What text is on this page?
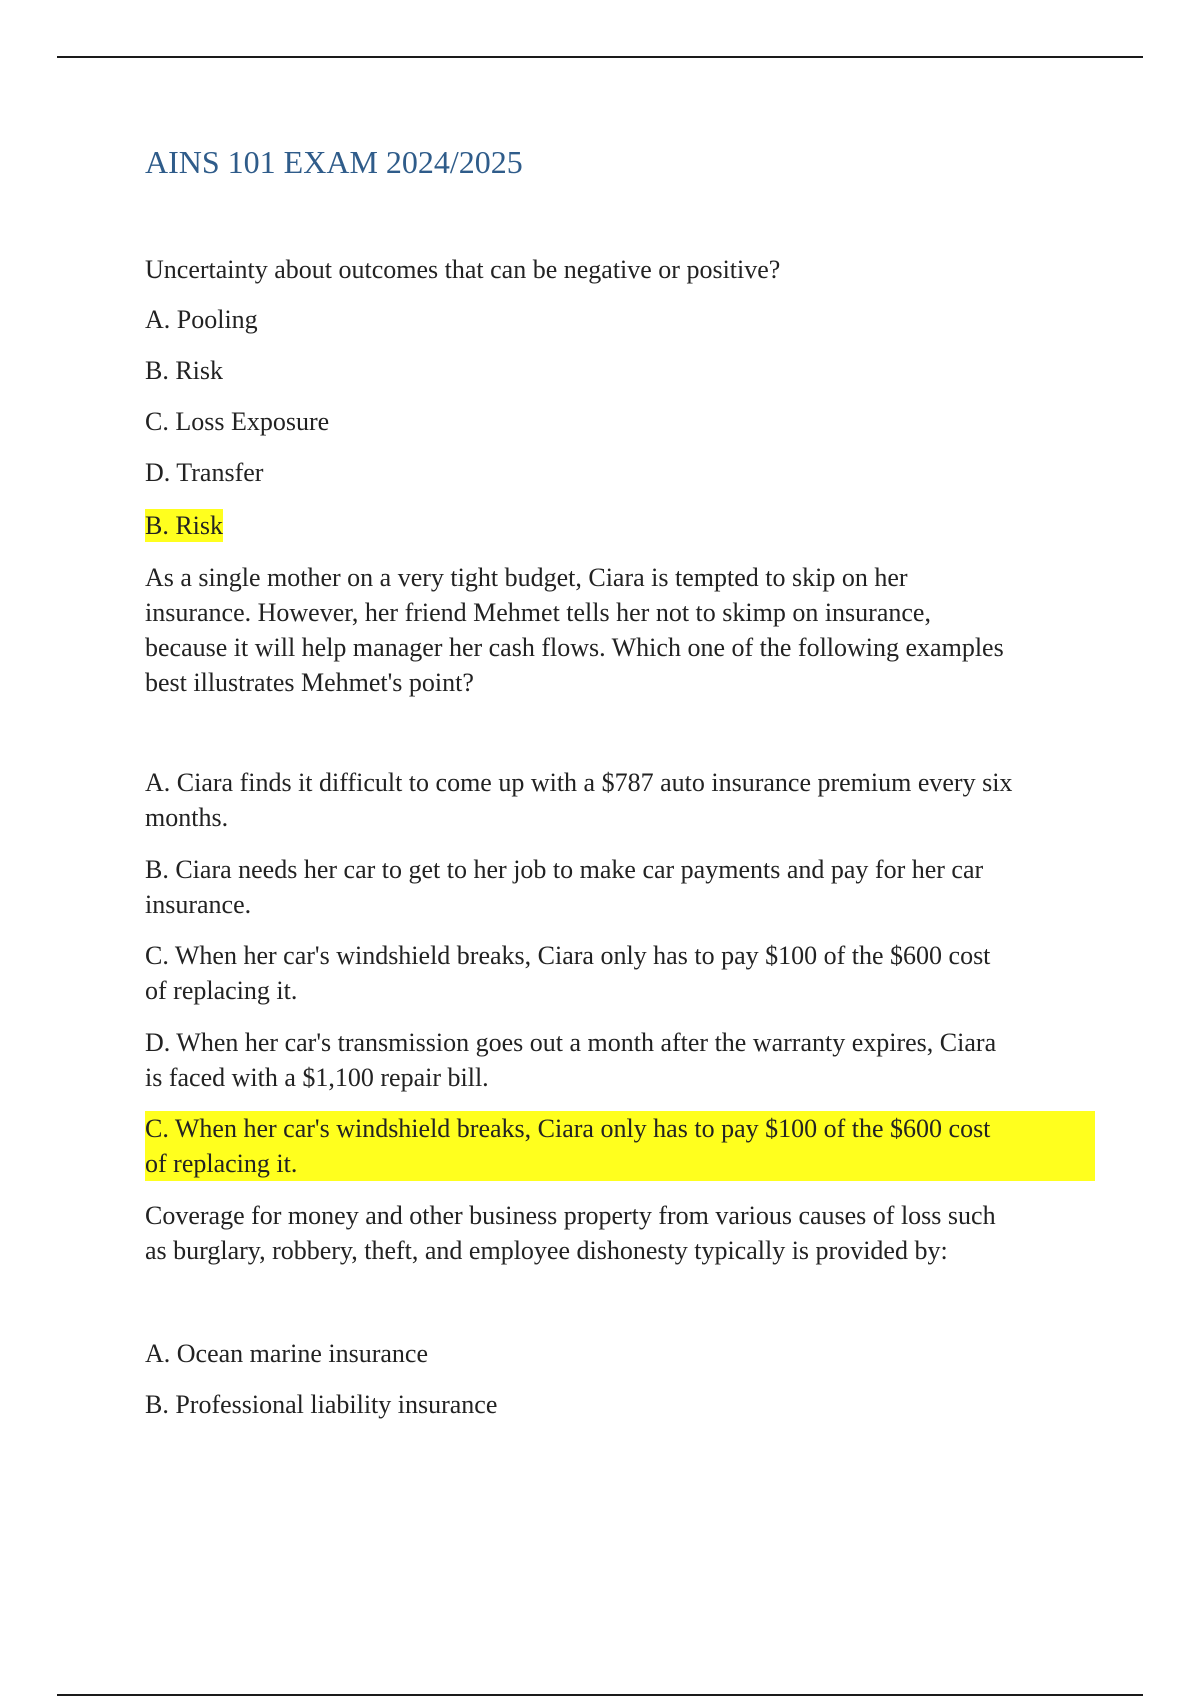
AINS 101 EXAM 2024/2025
Uncertainty about outcomes that can be negative or positive?
A. Pooling
B. Risk
C. Loss Exposure
D. Transfer
B. Risk
As a single mother on a very tight budget, Ciara is tempted to skip on her
insurance. However, her friend Mehmet tells her not to skimp on insurance,
because it will help manager her cash flows. Which one of the following examples
best illustrates Mehmet's point?
A. Ciara finds it difficult to come up with a $787 auto insurance premium every six
months.
B. Ciara needs her car to get to her job to make car payments and pay for her car
insurance.
C. When her car's windshield breaks, Ciara only has to pay $100 of the $600 cost
of replacing it.
D. When her car's transmission goes out a month after the warranty expires, Ciara
is faced with a $1,100 repair bill.
C. When her car's windshield breaks, Ciara only has to pay $100 of the $600 cost
of replacing it.
Coverage for money and other business property from various causes of loss such
as burglary, robbery, theft, and employee dishonesty typically is provided by:
A. Ocean marine insurance
B. Professional liability insurance
